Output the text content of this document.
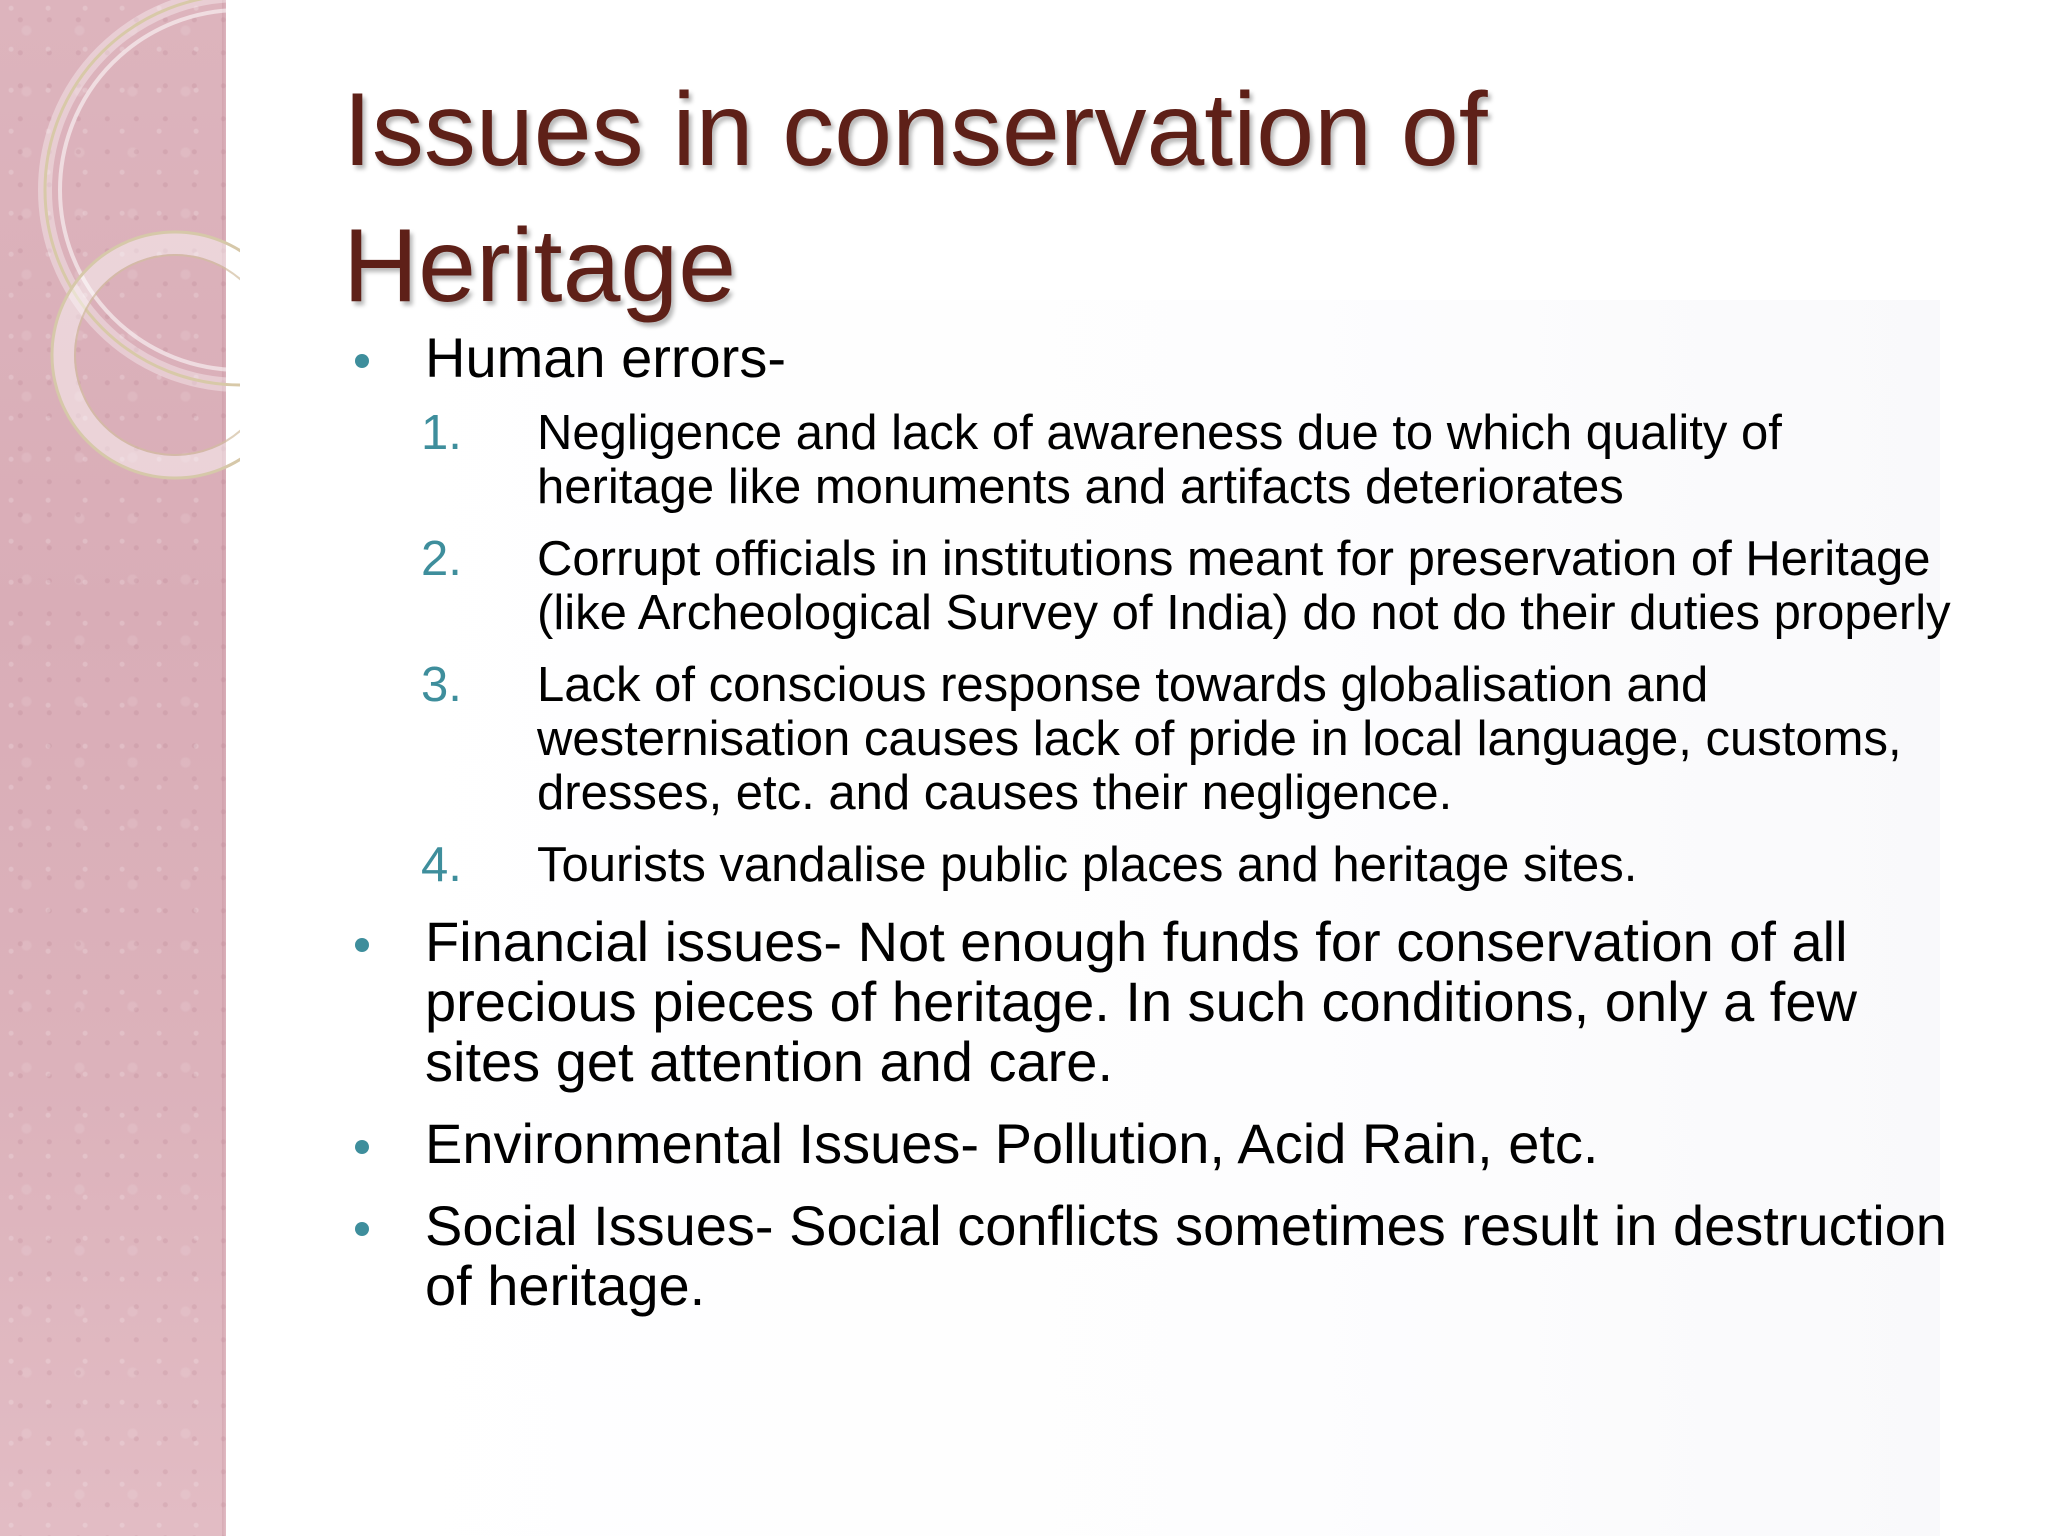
Issues in conservation of Heritage
Human errors-
1. Negligence and lack of awareness due to which quality of heritage like monuments and artifacts deteriorates
2. Corrupt officials in institutions meant for preservation of Heritage (like Archeological Survey of India) do not do their duties properly
3. Lack of conscious response towards globalisation and westernisation causes lack of pride in local language, customs, dresses, etc. and causes their negligence.
4. Tourists vandalise public places and heritage sites.
Financial issues- Not enough funds for conservation of all precious pieces of heritage. In such conditions, only a few sites get attention and care.
Environmental Issues- Pollution, Acid Rain, etc.
Social Issues- Social conflicts sometimes result in destruction of heritage.
